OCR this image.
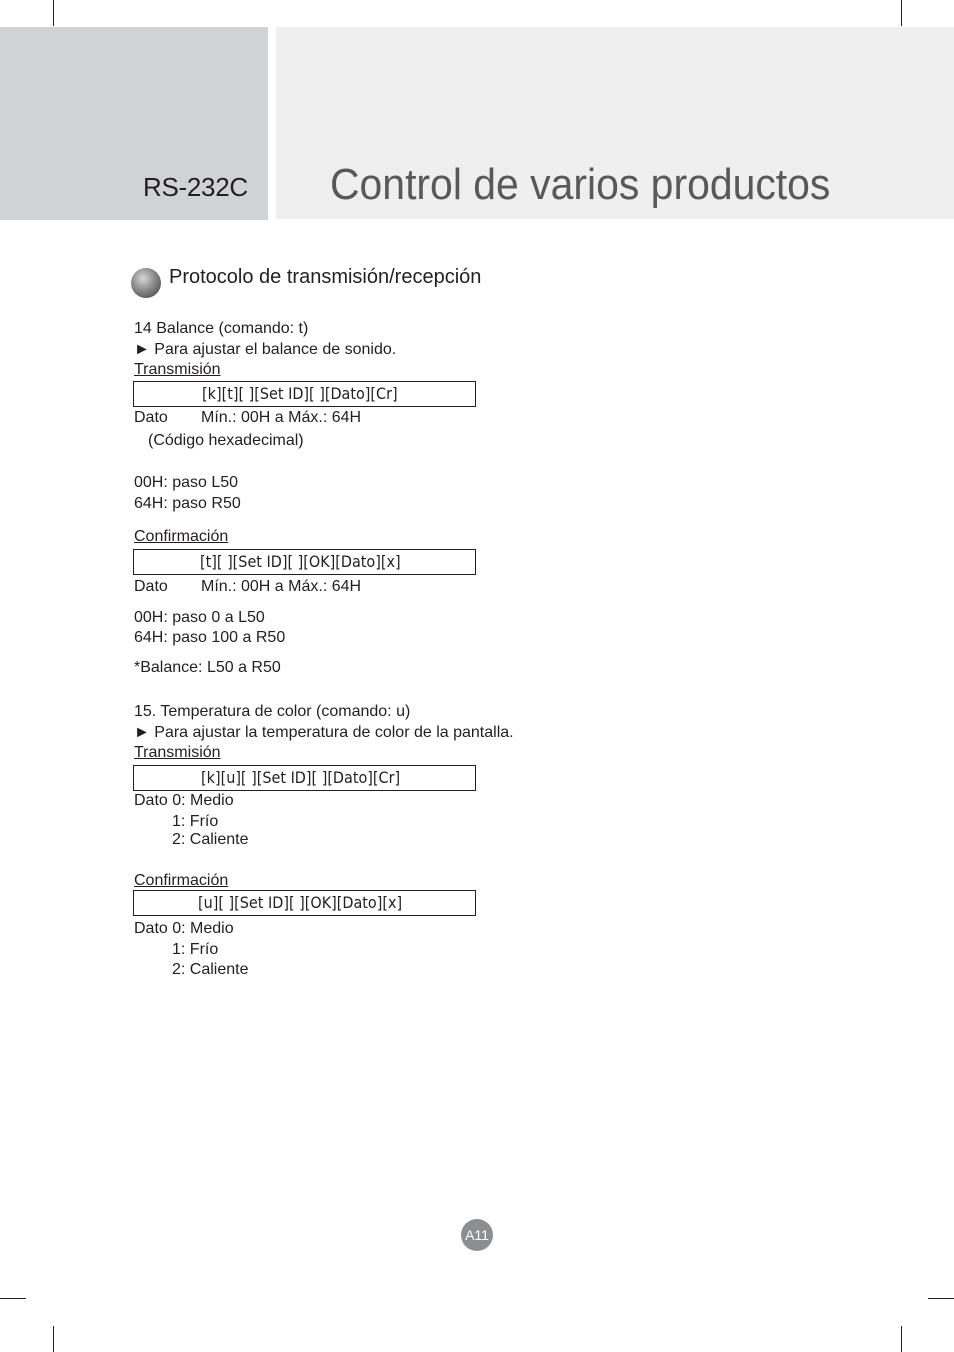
RS-232C Control de varios productos
Protocolo de transmisión/recepción
14 Balance (comando: t)
► Para ajustar el balance de sonido.
Transmisión
[k][t][ ][Set ID][ ][Dato][Cr]
Dato Mín.: 00H a Máx.: 64H
(Código hexadecimal)
00H: paso L50
64H: paso R50
Confirmación
[t][ ][Set ID][ ][OK][Dato][x]
Dato Mín.: 00H a Máx.: 64H
00H: paso 0 a L50
64H: paso 100 a R50
*Balance: L50 a R50
15. Temperatura de color (comando: u)
► Para ajustar la temperatura de color de la pantalla.
Transmisión
[k][u][ ][Set ID][ ][Dato][Cr]
Dato 0: Medio
1: Frío
2: Caliente
Confirmación
[u][ ][Set ID][ ][OK][Dato][x]
Dato 0: Medio
1: Frío
2: Caliente
A11
